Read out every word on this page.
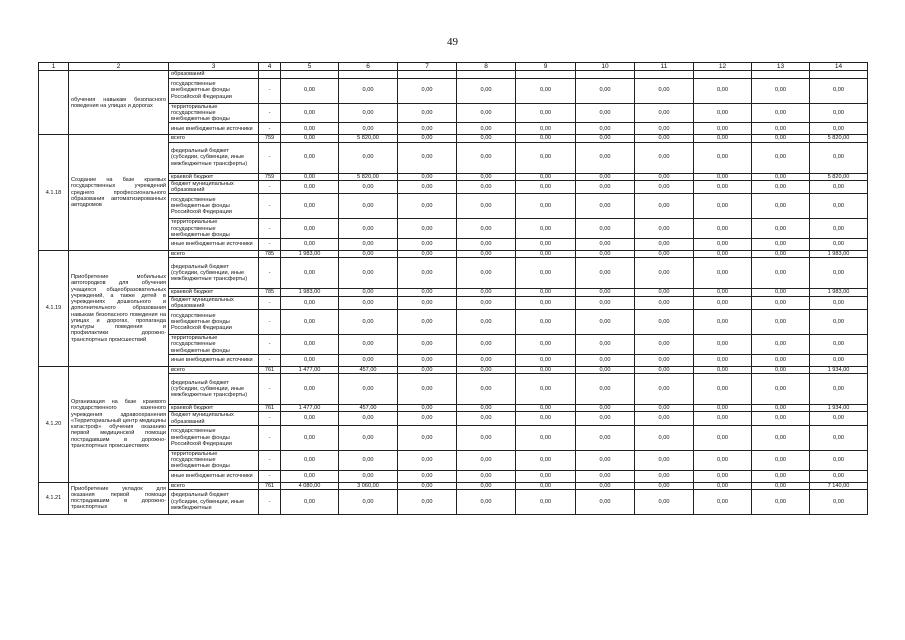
49
1	2	3	4	5	6	7	8	9	10	11	12	13	14
	обучения навыкам безопасного поведения на улицах и дорогах	образований											
		государственные внебюджетные фонды Российской Федерации	-	0,00	0,00	0,00	0,00	0,00	0,00	0,00	0,00	0,00	0,00
		территориальные государственные внебюджетные фонды	-	0,00	0,00	0,00	0,00	0,00	0,00	0,00	0,00	0,00	0,00
		иные внебюджетные источники	-	0,00	0,00	0,00	0,00	0,00	0,00	0,00	0,00	0,00	0,00
4.1.18	Создание на базе краевых государственных учреждений среднего профессионального образования автоматизированных автодромов	всего	759	0,00	5 820,00	0,00	0,00	0,00	0,00	0,00	0,00	0,00	5 820,00
		федеральный бюджет (субсидии, субвенции, иные межбюджетные трансферты)	-	0,00	0,00	0,00	0,00	0,00	0,00	0,00	0,00	0,00	0,00
		краевой бюджет	759	0,00	5 820,00	0,00	0,00	0,00	0,00	0,00	0,00	0,00	5 820,00
		бюджет муниципальных образований	-	0,00	0,00	0,00	0,00	0,00	0,00	0,00	0,00	0,00	0,00
		государственные внебюджетные фонды Российской Федерации	-	0,00	0,00	0,00	0,00	0,00	0,00	0,00	0,00	0,00	0,00
		территориальные государственные внебюджетные фонды	-	0,00	0,00	0,00	0,00	0,00	0,00	0,00	0,00	0,00	0,00
		иные внебюджетные источники	-	0,00	0,00	0,00	0,00	0,00	0,00	0,00	0,00	0,00	0,00
4.1.19	Приобретение мобильных автогородков для обучения учащихся общеобразовательных учреждений, а также детей в учреждениях дошкольного и дополнительного образования навыкам безопасного поведения на улицах и дорогах, пропаганда культуры поведения и профилактики дорожно-транспортных происшествий	всего	785	1 983,00	0,00	0,00	0,00	0,00	0,00	0,00	0,00	0,00	1 983,00
		федеральный бюджет (субсидии, субвенции, иные межбюджетные трансферты)	-	0,00	0,00	0,00	0,00	0,00	0,00	0,00	0,00	0,00	0,00
		краевой бюджет	785	1 983,00	0,00	0,00	0,00	0,00	0,00	0,00	0,00	0,00	1 983,00
		бюджет муниципальных образований	-	0,00	0,00	0,00	0,00	0,00	0,00	0,00	0,00	0,00	0,00
		государственные внебюджетные фонды Российской Федерации	-	0,00	0,00	0,00	0,00	0,00	0,00	0,00	0,00	0,00	0,00
		территориальные государственные внебюджетные фонды	-	0,00	0,00	0,00	0,00	0,00	0,00	0,00	0,00	0,00	0,00
		иные внебюджетные источники	-	0,00	0,00	0,00	0,00	0,00	0,00	0,00	0,00	0,00	0,00
4.1.20	Организация на базе краевого государственного казенного учреждения здравоохранения «Территориальный центр медицины катастроф» обучения оказанию первой медицинской помощи пострадавшим в дорожно-транспортных происшествиях	всего	761	1 477,00	457,00	0,00	0,00	0,00	0,00	0,00	0,00	0,00	1 934,00
		федеральный бюджет (субсидии, субвенции, иные межбюджетные трансферты)	-	0,00	0,00	0,00	0,00	0,00	0,00	0,00	0,00	0,00	0,00
		краевой бюджет	761	1 477,00	457,00	0,00	0,00	0,00	0,00	0,00	0,00	0,00	1 934,00
		бюджет муниципальных образований	-	0,00	0,00	0,00	0,00	0,00	0,00	0,00	0,00	0,00	0,00
		государственные внебюджетные фонды Российской Федерации	-	0,00	0,00	0,00	0,00	0,00	0,00	0,00	0,00	0,00	0,00
		территориальные государственные внебюджетные фонды	-	0,00	0,00	0,00	0,00	0,00	0,00	0,00	0,00	0,00	0,00
		иные внебюджетные источники	-	0,00	0,00	0,00	0,00	0,00	0,00	0,00	0,00	0,00	0,00
4.1.21	Приобретение укладок для оказания первой помощи пострадавшим в дорожно-транспортных	всего	761	4 080,00	3 060,00	0,00	0,00	0,00	0,00	0,00	0,00	0,00	7 140,00
		федеральный бюджет (субсидии, субвенции, иные межбюджетные	-	0,00	0,00	0,00	0,00	0,00	0,00	0,00	0,00	0,00	0,00
